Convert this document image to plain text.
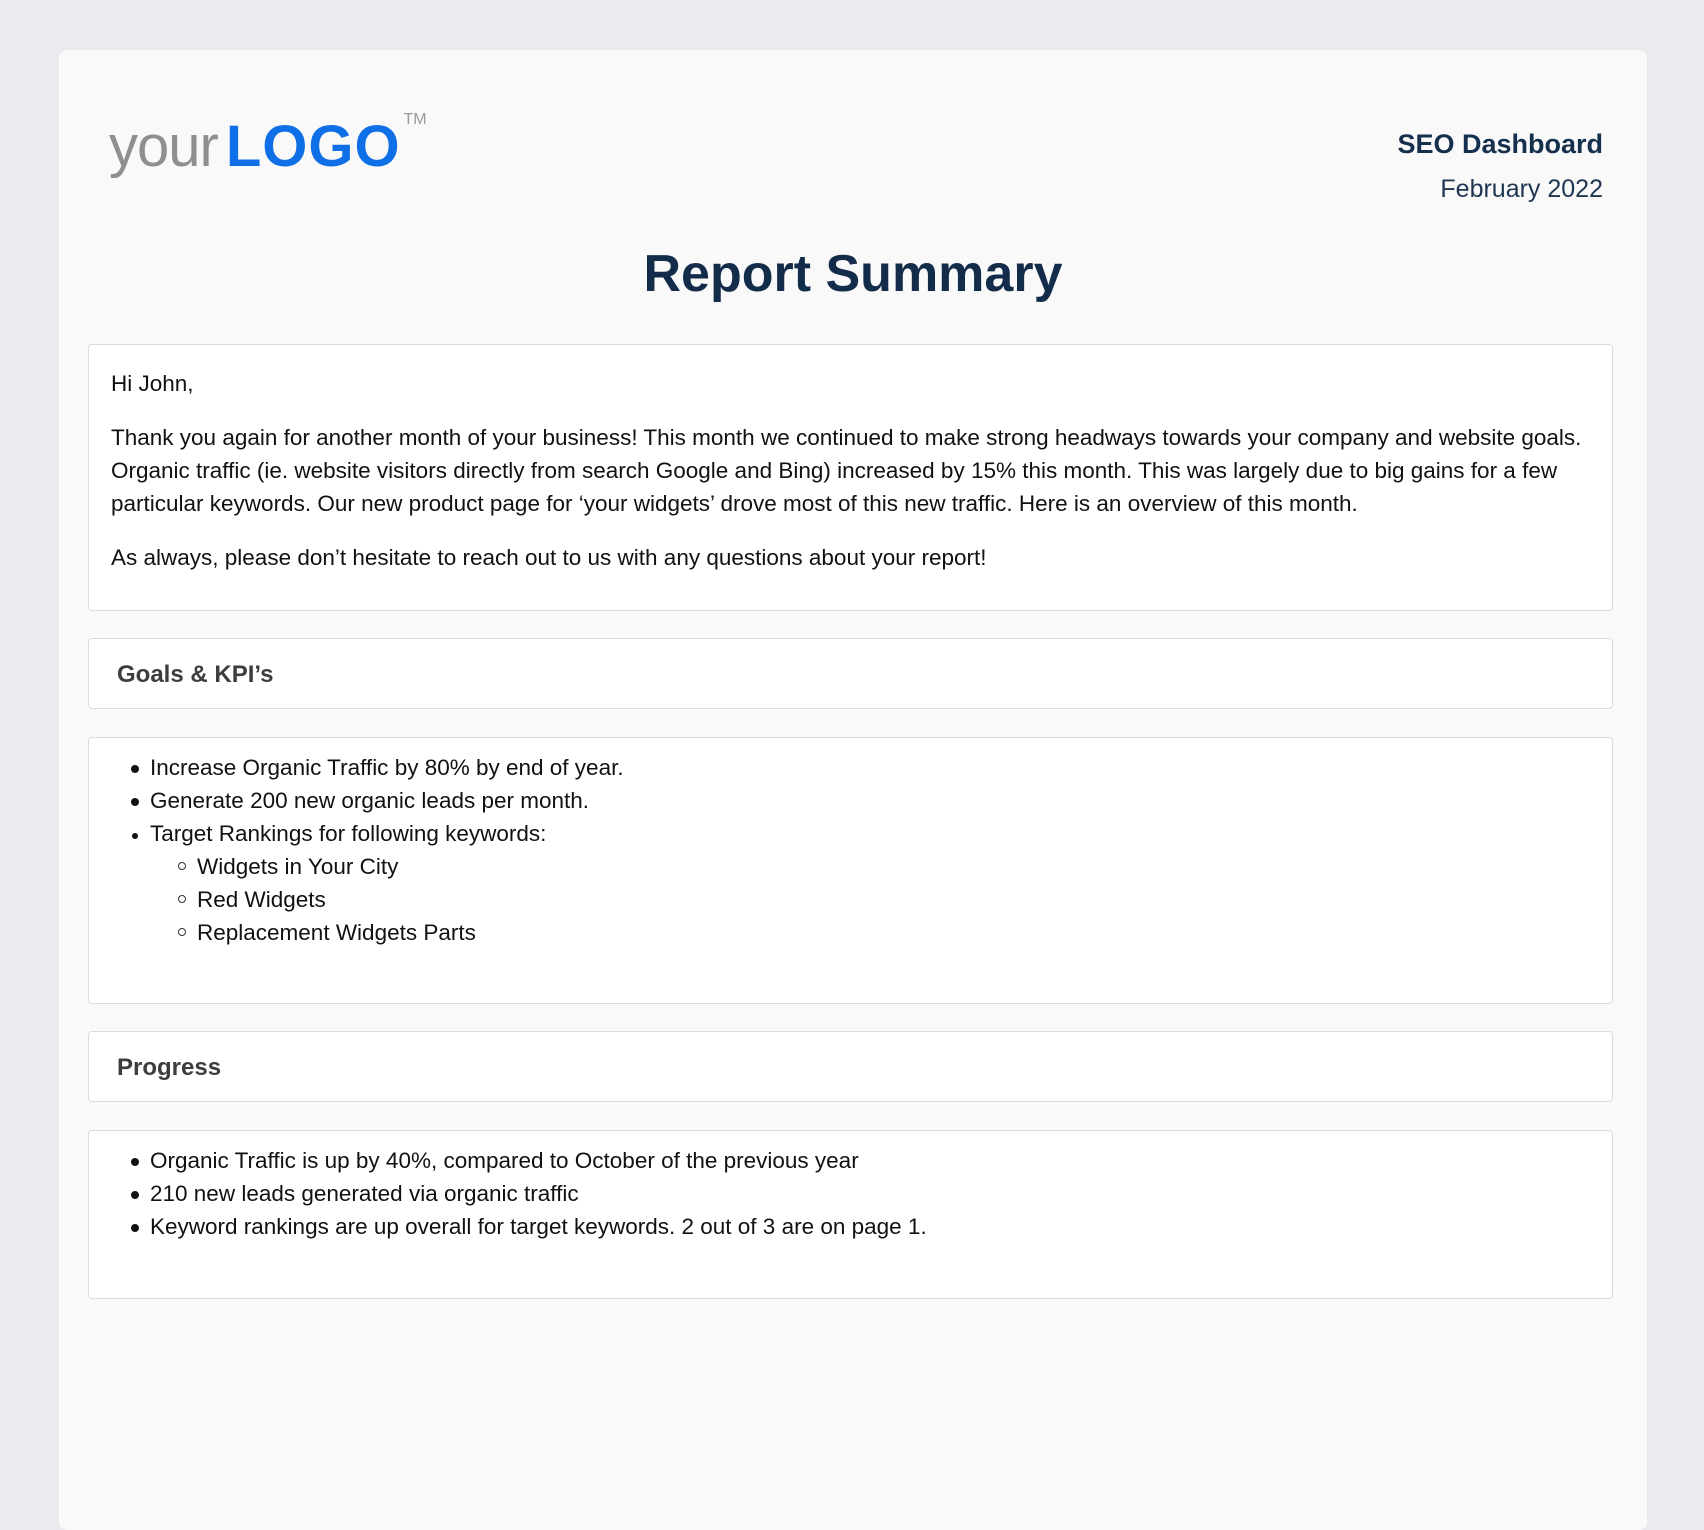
your LOGO TM
SEO Dashboard
February 2022
Report Summary

Hi John,

Thank you again for another month of your business! This month we continued to make strong headways towards your company and website goals. Organic traffic (ie. website visitors directly from search Google and Bing) increased by 15% this month. This was largely due to big gains for a few particular keywords. Our new product page for ‘your widgets’ drove most of this new traffic. Here is an overview of this month.

As always, please don’t hesitate to reach out to us with any questions about your report!

Goals & KPI’s
Increase Organic Traffic by 80% by end of year.
Generate 200 new organic leads per month.
Target Rankings for following keywords:
Widgets in Your City
Red Widgets
Replacement Widgets Parts
Progress
Organic Traffic is up by 40%, compared to October of the previous year
210 new leads generated via organic traffic
Keyword rankings are up overall for target keywords. 2 out of 3 are on page 1.
